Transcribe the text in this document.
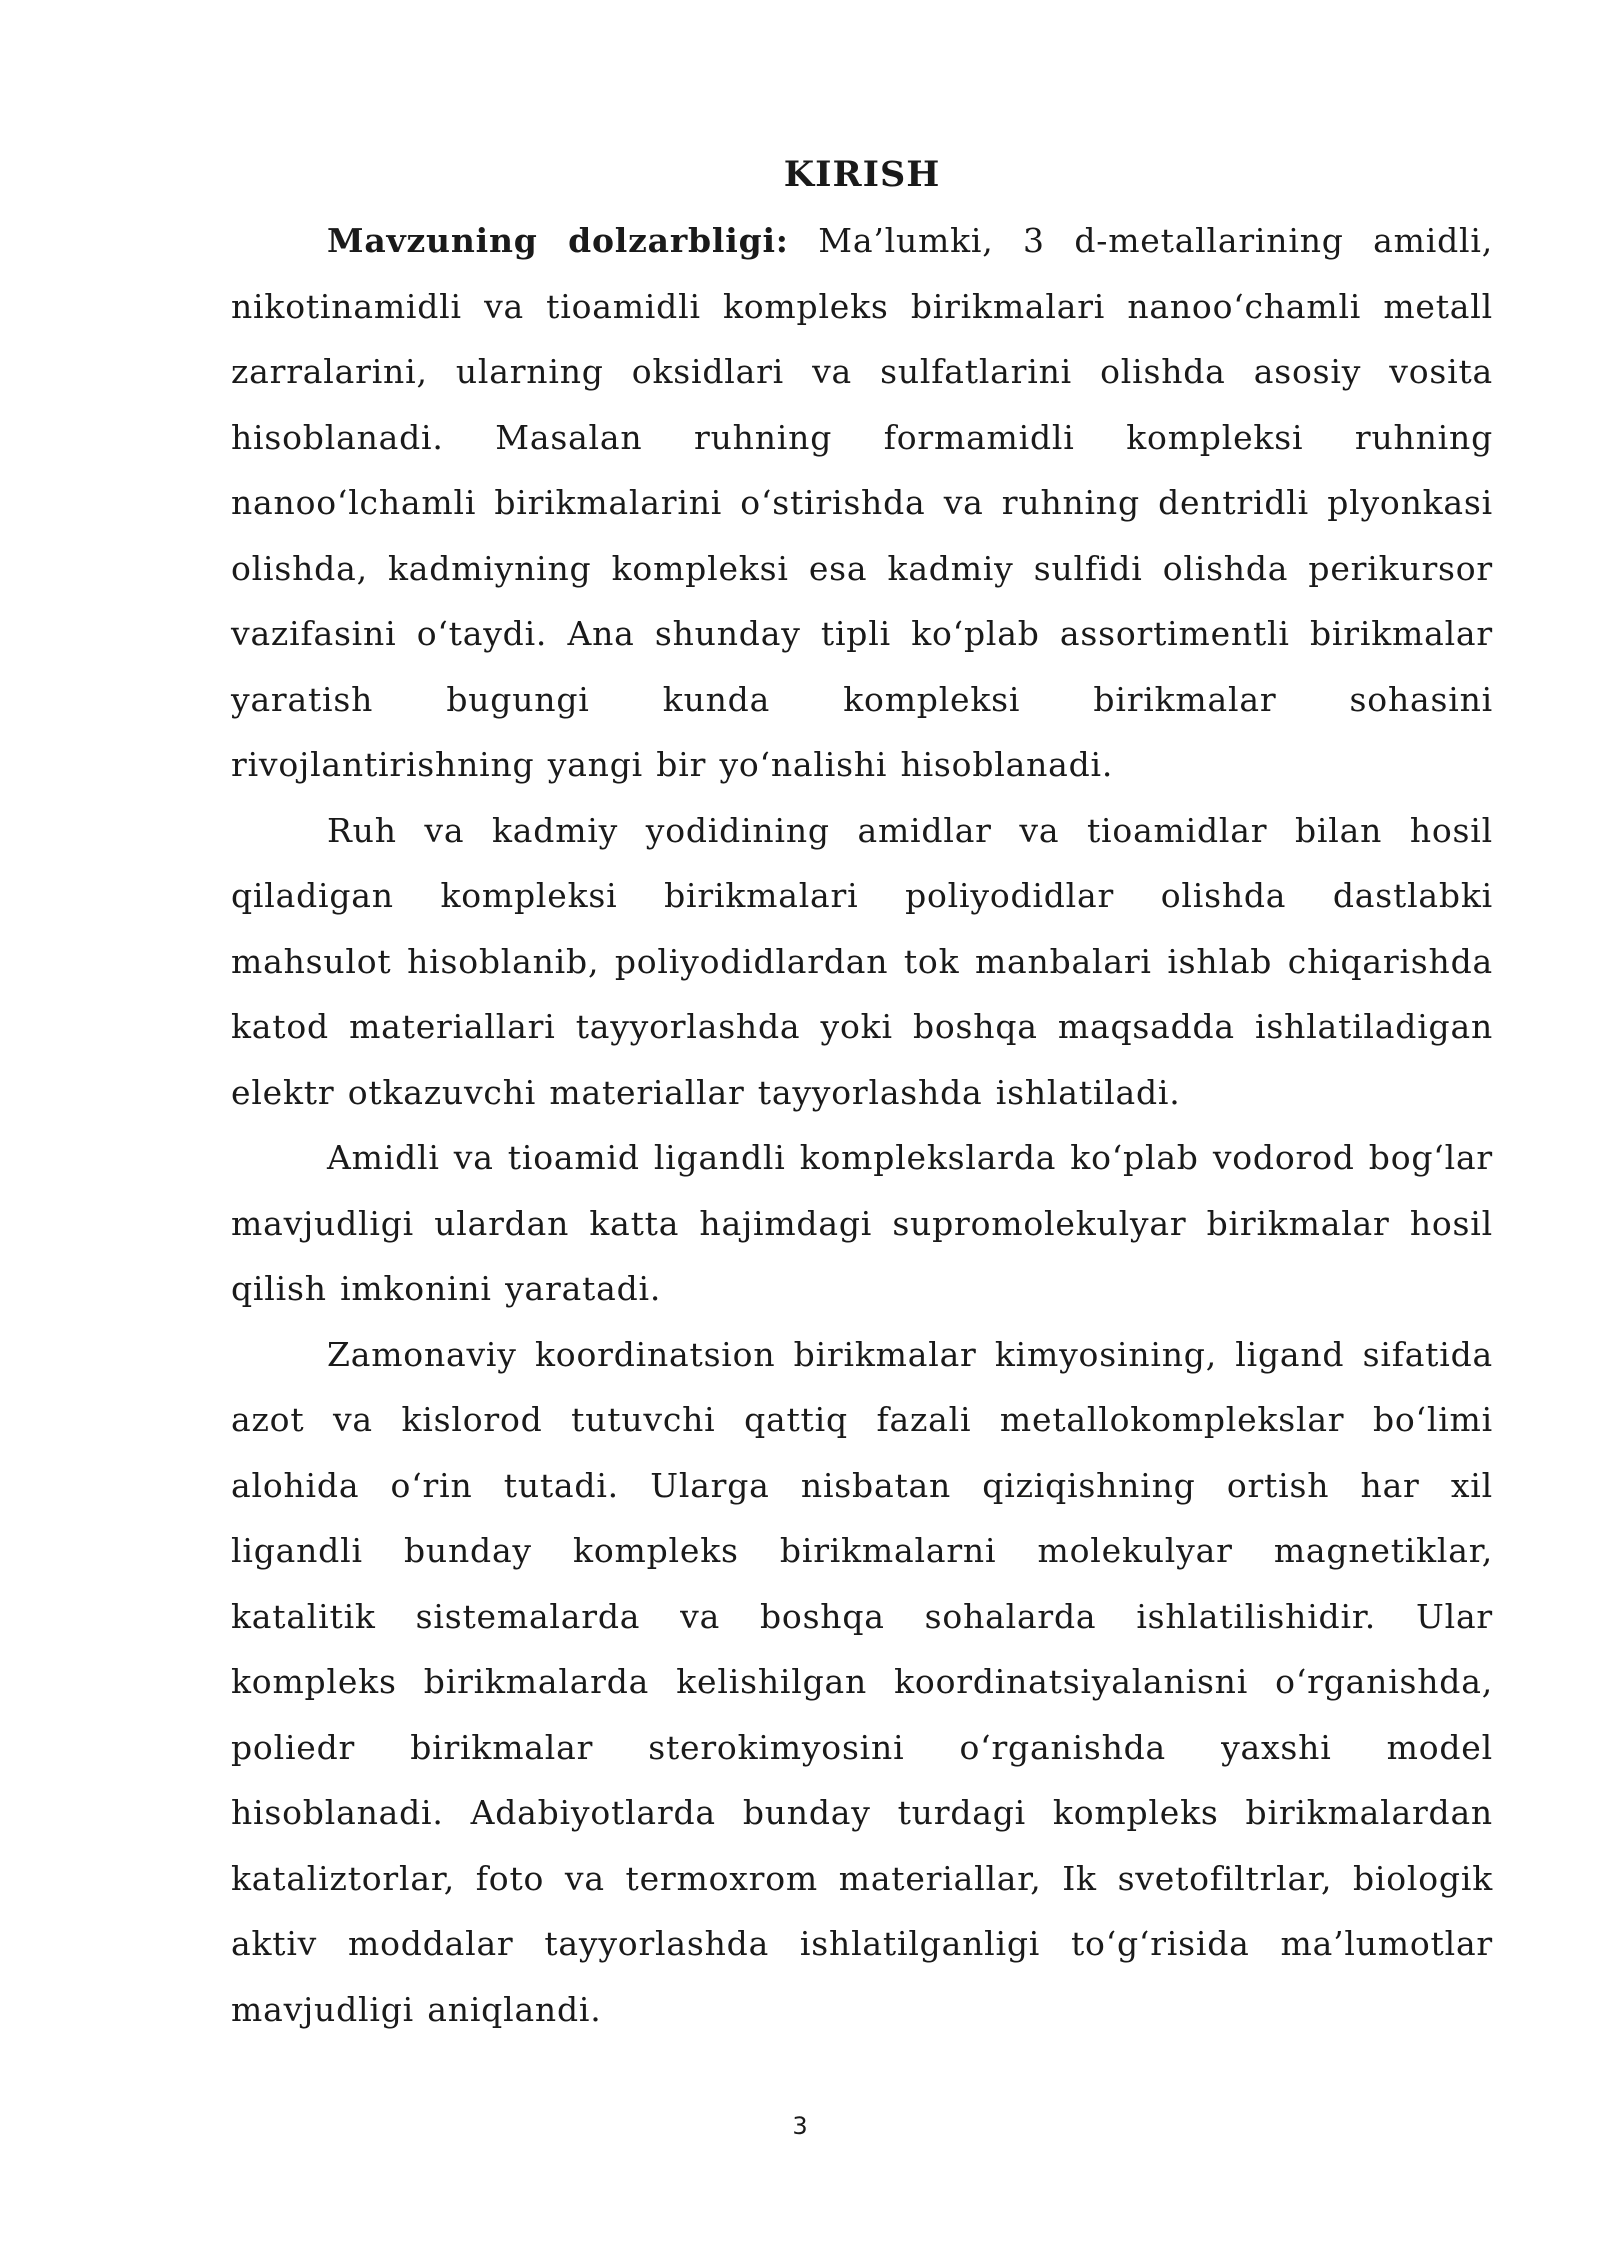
KIRISH

Mavzuning dolzarbligi: Ma’lumki, 3 d-metallarining amidli, nikotinamidli va tioamidli kompleks birikmalari nanoo‘chamli metall zarralarini, ularning oksidlari va sulfatlarini olishda asosiy vosita hisoblanadi. Masalan ruhning formamidli kompleksi ruhning nanoo‘lchamli birikmalarini o‘stirishda va ruhning dentridli plyonkasi olishda, kadmiyning kompleksi esa kadmiy sulfidi olishda perikursor vazifasini o‘taydi. Ana shunday tipli ko‘plab assortimentli birikmalar yaratish bugungi kunda kompleksi birikmalar sohasini rivojlantirishning yangi bir yo‘nalishi hisoblanadi.

Ruh va kadmiy yodidining amidlar va tioamidlar bilan hosil qiladigan kompleksi birikmalari poliyodidlar olishda dastlabki mahsulot hisoblanib, poliyodidlardan tok manbalari ishlab chiqarishda katod materiallari tayyorlashda yoki boshqa maqsadda ishlatiladigan elektr otkazuvchi materiallar tayyorlashda ishlatiladi.

Amidli va tioamid ligandli komplekslarda ko‘plab vodorod bog‘lar mavjudligi ulardan katta hajimdagi supromolekulyar birikmalar hosil qilish imkonini yaratadi.

Zamonaviy koordinatsion birikmalar kimyosining, ligand sifatida azot va kislorod tutuvchi qattiq fazali metallokomplekslar bo‘limi alohida o‘rin tutadi. Ularga nisbatan qiziqishning ortish har xil ligandli bunday kompleks birikmalarni molekulyar magnetiklar, katalitik sistemalarda va boshqa sohalarda ishlatilishidir. Ular kompleks birikmalarda kelishilgan koordinatsiyalanisni o‘rganishda, poliedr birikmalar sterokimyosini o‘rganishda yaxshi model hisoblanadi. Adabiyotlarda bunday turdagi kompleks birikmalardan kataliztorlar, foto va termoxrom materiallar, Ik svetofiltrlar, biologik aktiv moddalar tayyorlashda ishlatilganligi to‘g‘risida ma’lumotlar mavjudligi aniqlandi.

3
